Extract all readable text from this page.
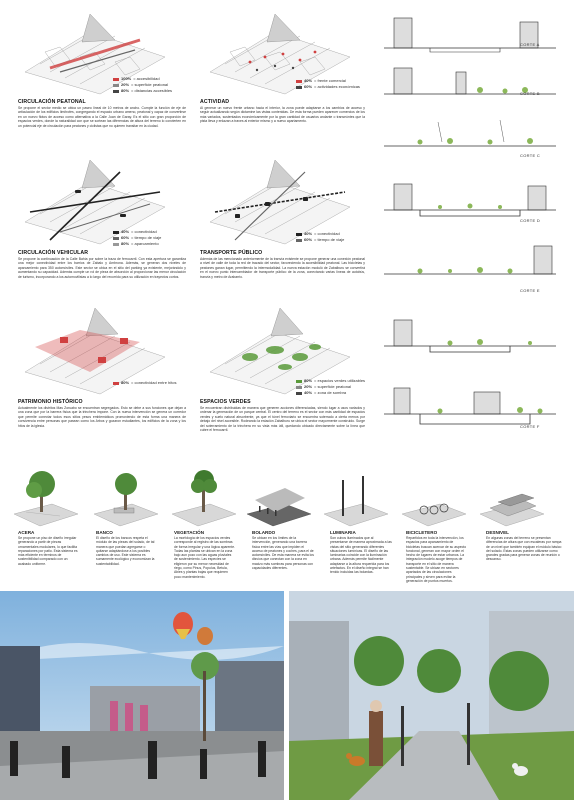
100% = accesibilidad
20% = superficie peatonal
80% = distancias accesibles
40% = frente comercial
60% = actividades económicas
CIRCULACIÓN PEATONAL
Se propone el sector medio se ubica un paseo lineal de 10 metros de ancho. Cumple la función de eje de articulación de los edificios limítrofes, congregando el espacio urbano ameno, peatonal y capaz de convertirse en un nuevo flotos de acceso como alternativa a la Calle Juan de Garay. Es el sitio con gran proporción de espacios verdes, donde la naturalidad con que se sortean las diferencias de altura del terreno lo convierten en un potencial eje de circulación para peatones y ciclistas que no quieren transitar en la ciudad.
ACTIVIDAD
Al generar un nuevo frente urbano hacia el interior, la zona puede adaptarse a los cambios de acceso y seguir actualizando según dictamine las vistas contenidas. De esta forma pueden aparecer comercios de los más variados, sustentados económicamente por la gran cantidad de usuarios andante o transeúntes que la pista lleva y enlazan a traves al exterior mismo y a nuevo apartamento.
40% = conectividad
60% = tiempo de viaje
80% = aparcamiento
40% = conectividad
60% = tiempo de viaje
CIRCULACIÓN VEHICULAR
Se propone la continuación de la Calle Bahía por sobre la traza de ferrocarril. Con esta apertura se garantiza una mejor conectividad entre los barrios de Zabalo y Ambrona. Además, se generan dos niveles de aparcamiento para 350 automóviles. Este sector se ubica en el sitio del parking ya existente, mejorándolo y aumentando su capacidad. Además cumple un rol de pieza de absorción al proporcionar las menor circulación de turismo, incorporando a los automovilistas a lo largo del recorrido para su utilización en trayectos cortos.
TRANSPORTE PÚBLICO
Además de las mencionado anteriormente de la tranvía existente se propone generar una conexión peatonal a nivel de calle de toda la red de trazado del sector, favoreciendo la accesibilidad peatonal. Las bicicletas y peatones ganan lugar, permitiendo la intermodalidad. La nueva estación moduló de Zabalburu se convertirá en el nuevo punto intercambiador de transporte público de la zona, conectando varias líneas de autobús, tranvía y metro de Arabarrio.
80% = conectividad entre hitos	80% = espacios verdes utilizables
20% = superficie peatonal
40% = zona de sombra
PATRIMONIO HISTÓRICO
Actualmente los distritos Mas Zoruabo se encuentran segregados. Esto se debe a sus funciones que dejan a una zona que por la barrera física que la trinchera impone. Con la nueva intervención se genera un corredor que permite conectar todos esos sitios yesos emblemáticos promoviendo de esta forma una manera de convivencia entre personas que pasean como los Arbos y gozaron estudiantes, los edificios de la zona y los hitos de la iglesia.
ESPACIOS VERDES
Se encuentran distribuidas de manera que generen acciones diferenciadas, siendo lugar a usos variados y ordenar la generación de un parque central. El centro del terreno es el sector con más cantidad de espacios verdes y suelo natural absorbente, ya que el túnel ferroviario se encuentra soterrado a cierta menos por debajo del nivel accesible. Rodeando la estación Zabalburu se ubica el sector mayormente construido. Surge del soterramiento de la trinchera en su vista más útil, quedando ubicado directamente sobre la línea que cubre el ferrocarril.
CORTE A
CORTE B
CORTE C
CORTE D
CORTE E
CORTE F
ACERA
Se propone un piso de diseño irregular generando a partir de piezas ornamentales modulares, lo que facilita reparaciones por patio. Esta sistema es más eficiente en términos de sostenibilidad comparado con un acabado uniforme.
BANCO
El diseño de los bancos respeta el módulo de las piezas del solado, de tal manera que puedan agregarse o quitarse adaptándose a los posibles cambios de uso. Este sistema es sumamente ecológico y economizan la sustentabilidad.
VEGETACIÓN
La morfología de los espacios verdes corresponde al registro de las sombras de forma irregular y una lógica aparente. Todas las plantas se ubican en la zona bajo aun pozo con las aguas pluviales de sostenimiento. Las especies se eligieron por su menor necesidad de riego, como Pinus, Populus, Betula, Abies y plantas bajas que requieren poco mantenimiento.
BOLARDO
Se ubican en los límites de la intervención, generando una barrera física entre las vías que impiden el acceso de peatones y coches, para el de automóviles. De esta manera se evita los disvíos que conectan con la zona en macizo más sombras para personas con capacidades diferentes.
LUMINARIA
Son cubos iluminados que al presentarse de manera aproximada a las vistas del sitio generando diferentes situaciones lumínicas. El diseño de las luminarias coincide con la iluminación urbana. Además permite fácilmente adaptarse a la altura requerida para los artefactos. En el diseño integral se han tenido incluidas las bolardas.
BICICLETERO
Repartidos en toda la intervención, los espacios para aparcamiento de bicicletas buscan acercar de su aspecto funcional, generan con mayor orden el hecho de lugares de estar urbanos. La integración modelo acoge tiempos de transporte en el sitio de manera sustentable. Se ubican en sectores apartados de las circulaciones principales y sirven para evitar la generación de puntos muertos.
DESNIVEL
En algunas zonas del terreno se presentan diferencias de altura que con escaleras por rampa de un nivel que también equipan el módulo básico del solado. Estas zonas pueden utilizarse como grandes gradas para generar zonas de reunión o descanso.
